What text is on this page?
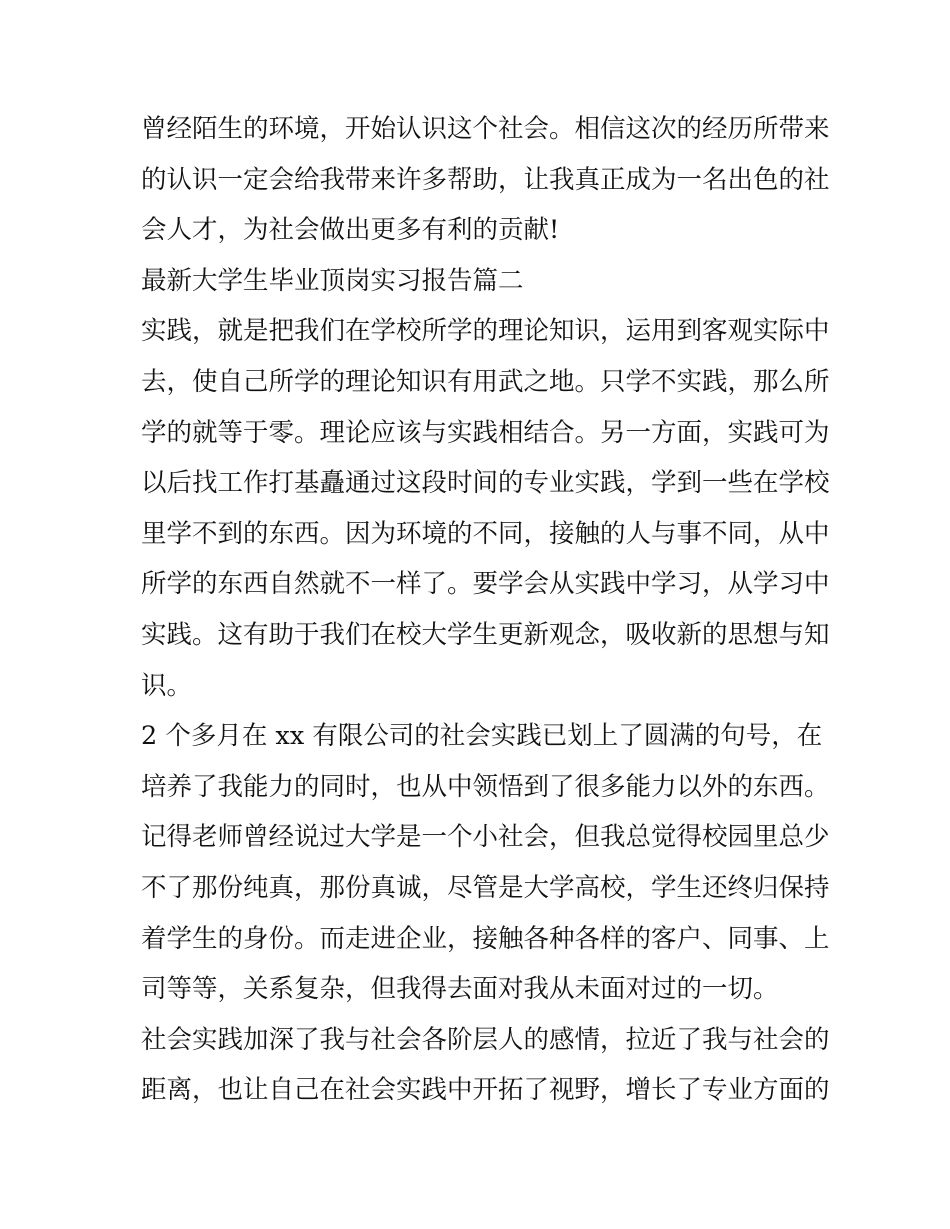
曾经陌生的环境，开始认识这个社会。相信这次的经历所带来
的认识一定会给我带来许多帮助，让我真正成为一名出色的社
会人才，为社会做出更多有利的贡献!
最新大学生毕业顶岗实习报告篇二
实践，就是把我们在学校所学的理论知识，运用到客观实际中
去，使自己所学的理论知识有用武之地。只学不实践，那么所
学的就等于零。理论应该与实践相结合。另一方面，实践可为
以后找工作打基矗通过这段时间的专业实践，学到一些在学校
里学不到的东西。因为环境的不同，接触的人与事不同，从中
所学的东西自然就不一样了。要学会从实践中学习，从学习中
实践。这有助于我们在校大学生更新观念，吸收新的思想与知
识。
2 个多月在 xx 有限公司的社会实践已划上了圆满的句号，在
培养了我能力的同时，也从中领悟到了很多能力以外的东西。
记得老师曾经说过大学是一个小社会，但我总觉得校园里总少
不了那份纯真，那份真诚，尽管是大学高校，学生还终归保持
着学生的身份。而走进企业，接触各种各样的客户、同事、上
司等等，关系复杂，但我得去面对我从未面对过的一切。
社会实践加深了我与社会各阶层人的感情，拉近了我与社会的
距离，也让自己在社会实践中开拓了视野，增长了专业方面的
